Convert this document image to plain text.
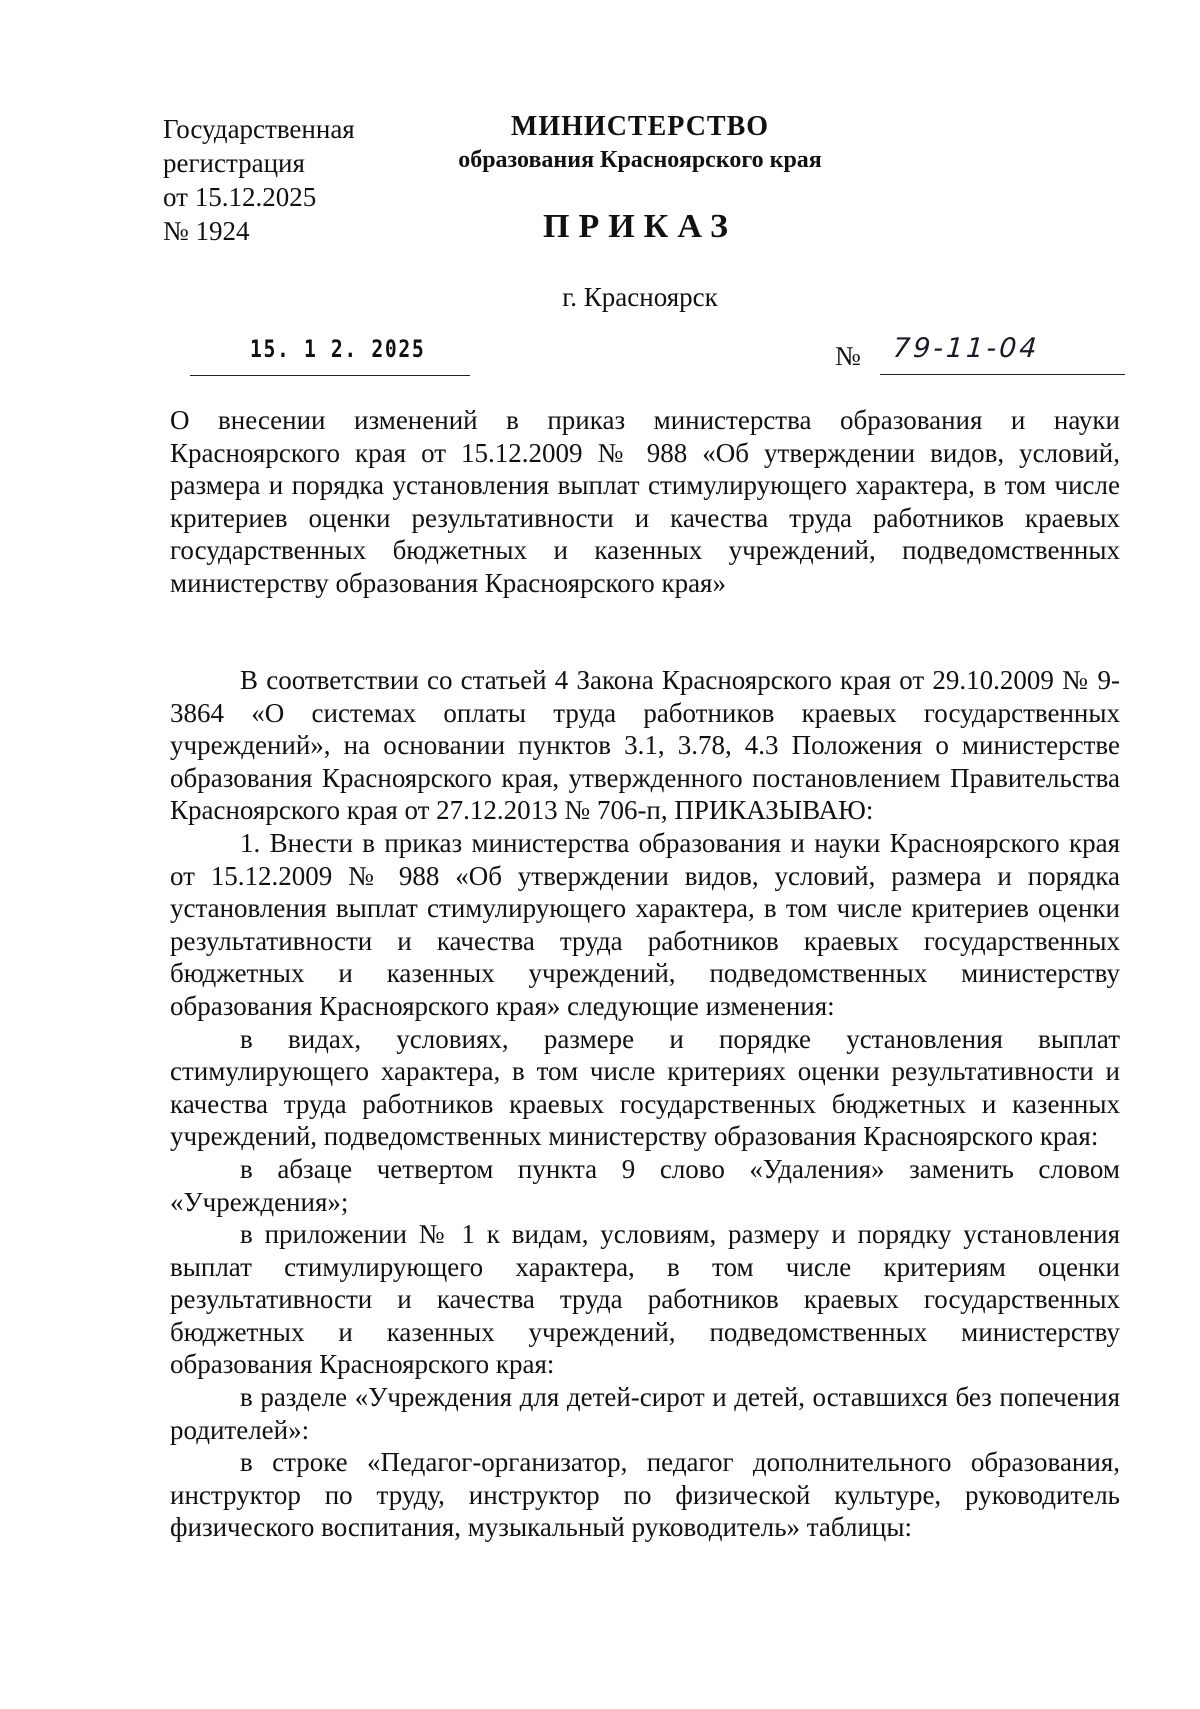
Государственная
регистрация
от 15.12.2025
№ 1924
МИНИСТЕРСТВО
образования Красноярского края
ПРИКАЗ
г. Красноярск
15. 1 2. 2025	№ 79-11-04
О внесении изменений в приказ министерства образования и науки Красноярского края от 15.12.2009 № 988 «Об утверждении видов, условий, размера и порядка установления выплат стимулирующего характера, в том числе критериев оценки результативности и качества труда работников краевых государственных бюджетных и казенных учреждений, подведомственных министерству образования Красноярского края»

В соответствии со статьей 4 Закона Красноярского края от 29.10.2009 № 9-3864 «О системах оплаты труда работников краевых государственных учреждений», на основании пунктов 3.1, 3.78, 4.3 Положения о министерстве образования Красноярского края, утвержденного постановлением Правительства Красноярского края от 27.12.2013 № 706-п, ПРИКАЗЫВАЮ:

1. Внести в приказ министерства образования и науки Красноярского края от 15.12.2009 № 988 «Об утверждении видов, условий, размера и порядка установления выплат стимулирующего характера, в том числе критериев оценки результативности и качества труда работников краевых государственных бюджетных и казенных учреждений, подведомственных министерству образования Красноярского края» следующие изменения:

в видах, условиях, размере и порядке установления выплат стимулирующего характера, в том числе критериях оценки результативности и качества труда работников краевых государственных бюджетных и казенных учреждений, подведомственных министерству образования Красноярского края:

в абзаце четвертом пункта 9 слово «Удаления» заменить словом «Учреждения»;

в приложении № 1 к видам, условиям, размеру и порядку установления выплат стимулирующего характера, в том числе критериям оценки результативности и качества труда работников краевых государственных бюджетных и казенных учреждений, подведомственных министерству образования Красноярского края:

в разделе «Учреждения для детей-сирот и детей, оставшихся без попечения родителей»:

в строке «Педагог-организатор, педагог дополнительного образования, инструктор по труду, инструктор по физической культуре, руководитель физического воспитания, музыкальный руководитель» таблицы:
